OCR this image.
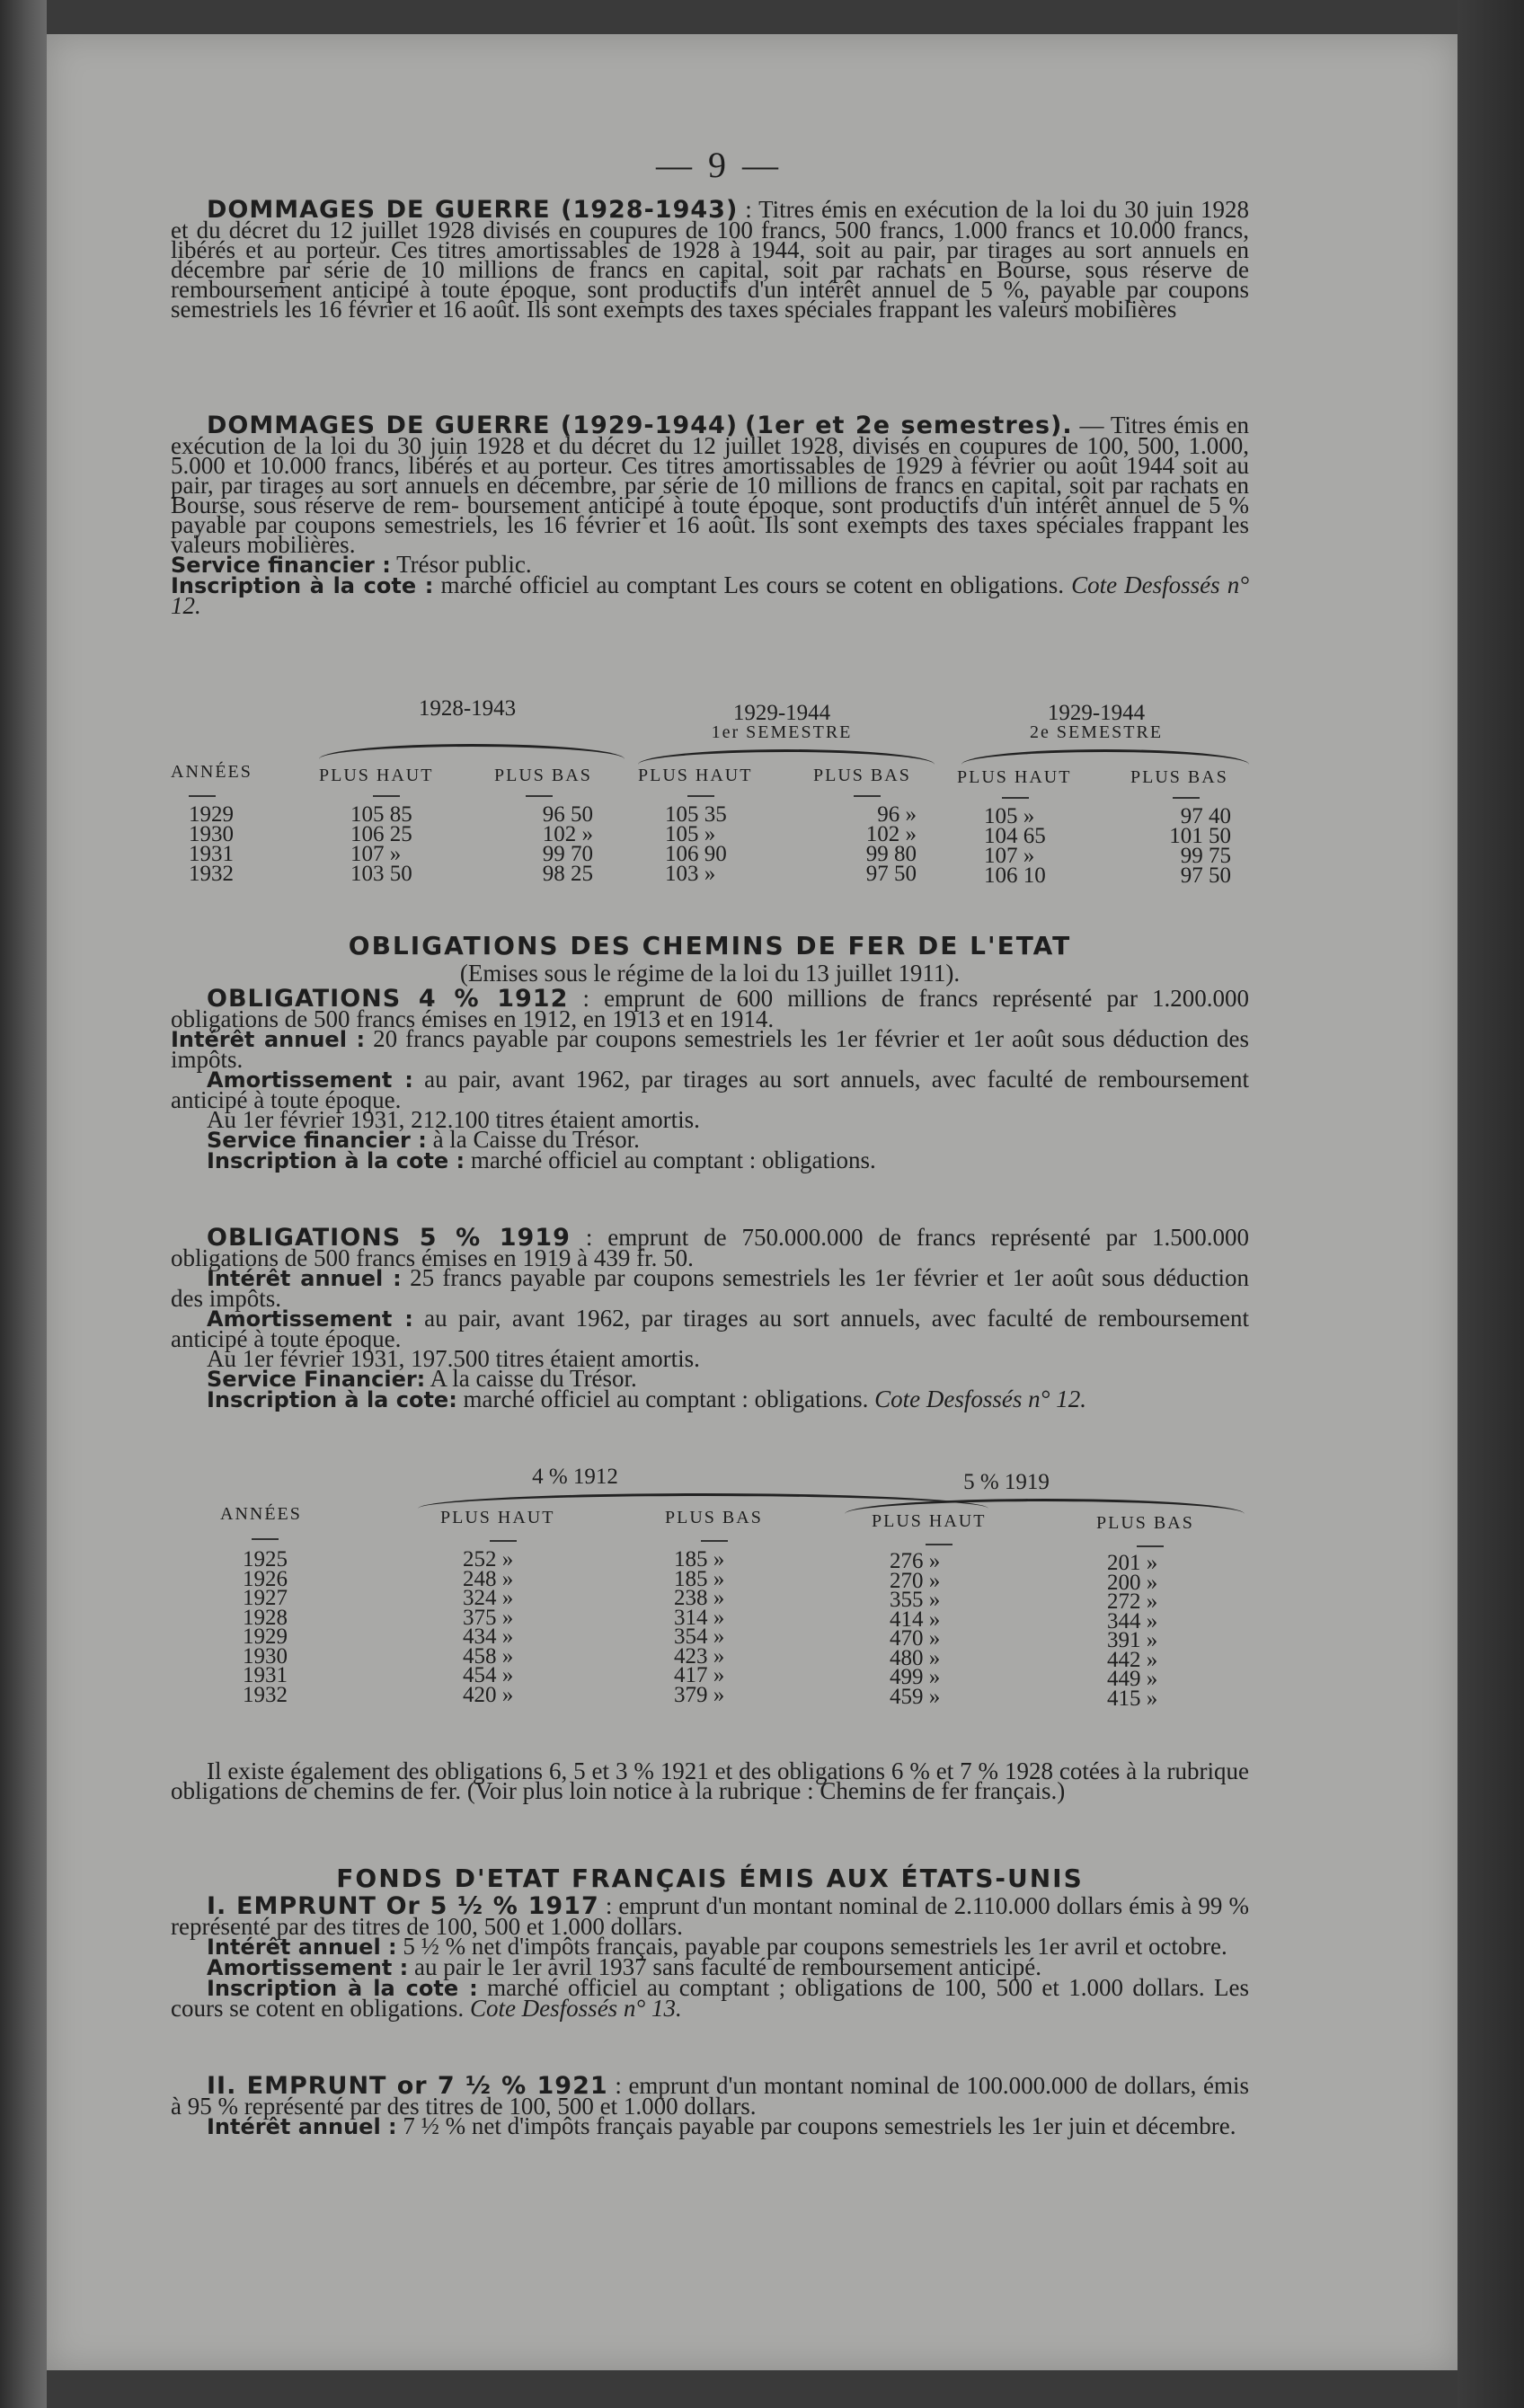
— 9 —
DOMMAGES DE GUERRE (1928-1943) : Titres émis en exécution de la loi du 30 juin 1928 et du décret du 12 juillet 1928 divisés en coupures de 100 francs, 500 francs, 1.000 francs et 10.000 francs, libérés et au porteur. Ces titres amortissables de 1928 à 1944, soit au pair, par tirages au sort annuels en décembre par série de 10 millions de francs en capital, soit par rachats en Bourse, sous réserve de remboursement anticipé à toute époque, sont productifs d'un intérêt annuel de 5 %, payable par coupons semestriels les 16 février et 16 août. Ils sont exempts des taxes spéciales frappant les valeurs mobilières
DOMMAGES DE GUERRE (1929-1944) (1er et 2e semestres). — Titres émis en exécution de la loi du 30 juin 1928 et du décret du 12 juillet 1928, divisés en coupures de 100, 500, 1.000, 5.000 et 10.000 francs, libérés et au porteur. Ces titres amortissables de 1929 à février ou août 1944 soit au pair, par tirages au sort annuels en décembre, par série de 10 millions de francs en capital, soit par rachats en Bourse, sous réserve de rem- boursement anticipé à toute époque, sont productifs d'un intérêt annuel de 5 % payable par coupons semestriels, les 16 février et 16 août. Ils sont exempts des taxes spéciales frappant les valeurs mobilières.
Service financier : Trésor public.
Inscription à la cote : marché officiel au comptant Les cours se cotent en obligations. Cote Desfossés n° 12.
1928-1943	1929-1944
1er SEMESTRE
1929-1944
2e SEMESTRE
ANNÉES	PLUS HAUT	PLUS BAS	PLUS HAUT	PLUS BAS	PLUS HAUT	PLUS BAS
1929	105 85	96 50	105 35	96 »	105 »	97 40
1930	106 25	102 »	105 »	102 »	104 65	101 50
1931	107 »	99 70	106 90	99 80	107 »	99 75
1932	103 50	98 25	103 »	97 50	106 10	97 50
OBLIGATIONS DES CHEMINS DE FER DE L'ETAT
(Emises sous le régime de la loi du 13 juillet 1911).
OBLIGATIONS 4 % 1912 : emprunt de 600 millions de francs représenté par 1.200.000 obligations de 500 francs émises en 1912, en 1913 et en 1914.
Intérêt annuel : 20 francs payable par coupons semestriels les 1er février et 1er août sous déduction des impôts.
Amortissement : au pair, avant 1962, par tirages au sort annuels, avec faculté de remboursement anticipé à toute époque.
Au 1er février 1931, 212.100 titres étaient amortis.
Service financier : à la Caisse du Trésor.
Inscription à la cote : marché officiel au comptant : obligations.
OBLIGATIONS 5 % 1919 : emprunt de 750.000.000 de francs représenté par 1.500.000 obligations de 500 francs émises en 1919 à 439 fr. 50.
Intérêt annuel : 25 francs payable par coupons semestriels les 1er février et 1er août sous déduction des impôts.
Amortissement : au pair, avant 1962, par tirages au sort annuels, avec faculté de remboursement anticipé à toute époque.
Au 1er février 1931, 197.500 titres étaient amortis.
Service Financier: A la caisse du Trésor.
Inscription à la cote: marché officiel au comptant : obligations. Cote Desfossés n° 12.
4 % 1912	5 % 1919
ANNÉES	PLUS HAUT	PLUS BAS	PLUS HAUT	PLUS BAS
1925	252 »	185 »	276 »	201 »
1926	248 »	185 »	270 »	200 »
1927	324 »	238 »	355 »	272 »
1928	375 »	314 »	414 »	344 »
1929	434 »	354 »	470 »	391 »
1930	458 »	423 »	480 »	442 »
1931	454 »	417 »	499 »	449 »
1932	420 »	379 »	459 »	415 »
Il existe également des obligations 6, 5 et 3 % 1921 et des obligations 6 % et 7 % 1928 cotées à la rubrique obligations de chemins de fer. (Voir plus loin notice à la rubrique : Chemins de fer français.)
FONDS D'ETAT FRANÇAIS ÉMIS AUX ÉTATS-UNIS
I. EMPRUNT Or 5 ½ % 1917 : emprunt d'un montant nominal de 2.110.000 dollars émis à 99 % représenté par des titres de 100, 500 et 1.000 dollars.
Intérêt annuel : 5 ½ % net d'impôts français, payable par coupons semestriels les 1er avril et octobre.
Amortissement : au pair le 1er avril 1937 sans faculté de remboursement anticipé.
Inscription à la cote : marché officiel au comptant ; obligations de 100, 500 et 1.000 dollars. Les cours se cotent en obligations. Cote Desfossés n° 13.
II. EMPRUNT or 7 ½ % 1921 : emprunt d'un montant nominal de 100.000.000 de dollars, émis à 95 % représenté par des titres de 100, 500 et 1.000 dollars.
Intérêt annuel : 7 ½ % net d'impôts français payable par coupons semestriels les 1er juin et décembre.
